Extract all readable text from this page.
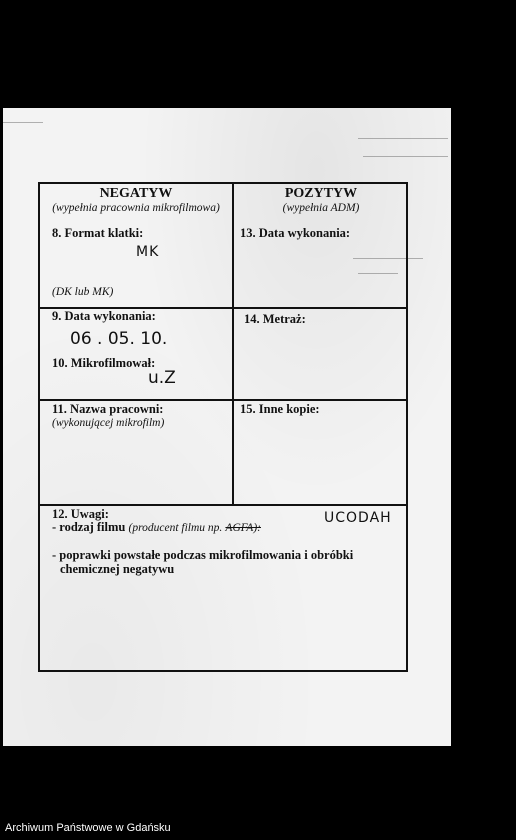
NEGATYW
(wypełnia pracownia mikrofilmowa)
POZYTYW
(wypełnia ADM)
8. Format klatki:
MK
(DK lub MK)
13. Data wykonania:
9. Data wykonania:
06 . 05. 10.
10. Mikrofilmował:
u.Z
14. Metraż:
11. Nazwa pracowni:
(wykonującej mikrofilm)
15. Inne kopie:
12. Uwagi:
- rodzaj filmu (producent filmu np. AGFA):
UCODAH
- poprawki powstałe podczas mikrofilmowania i obróbki
chemicznej negatywu
Archiwum Państwowe w Gdańsku
